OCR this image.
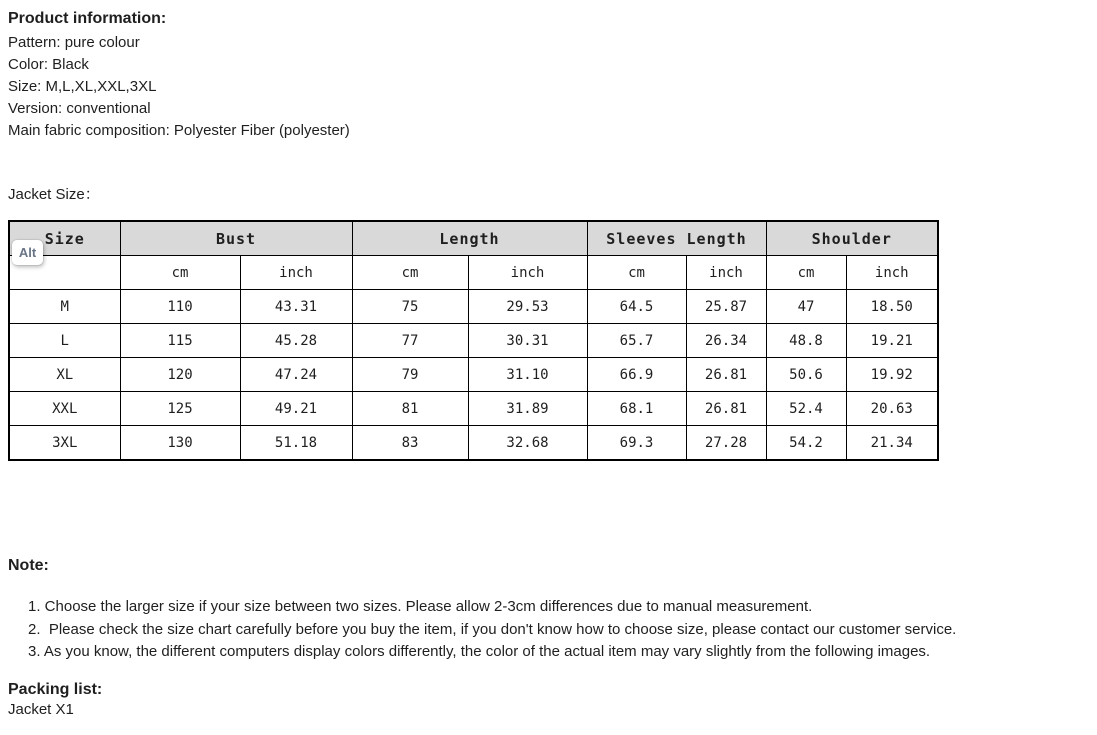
Product information:
Pattern: pure colour
Color: Black
Size: M,L,XL,XXL,3XL
Version: conventional
Main fabric composition: Polyester Fiber (polyester)
Jacket Size：
Size	Bust		Length		Sleeves Length		Shoulder	
	cm	inch	cm	inch	cm	inch	cm	inch
M	110	43.31	75	29.53	64.5	25.87	47	18.50
L	115	45.28	77	30.31	65.7	26.34	48.8	19.21
XL	120	47.24	79	31.10	66.9	26.81	50.6	19.92
XXL	125	49.21	81	31.89	68.1	26.81	52.4	20.63
3XL	130	51.18	83	32.68	69.3	27.28	54.2	21.34
Alt
Note:
1. Choose the larger size if your size between two sizes. Please allow 2-3cm differences due to manual measurement.
2.  Please check the size chart carefully before you buy the item, if you don't know how to choose size, please contact our customer service.
3. As you know, the different computers display colors differently, the color of the actual item may vary slightly from the following images.
Packing list:
Jacket X1
